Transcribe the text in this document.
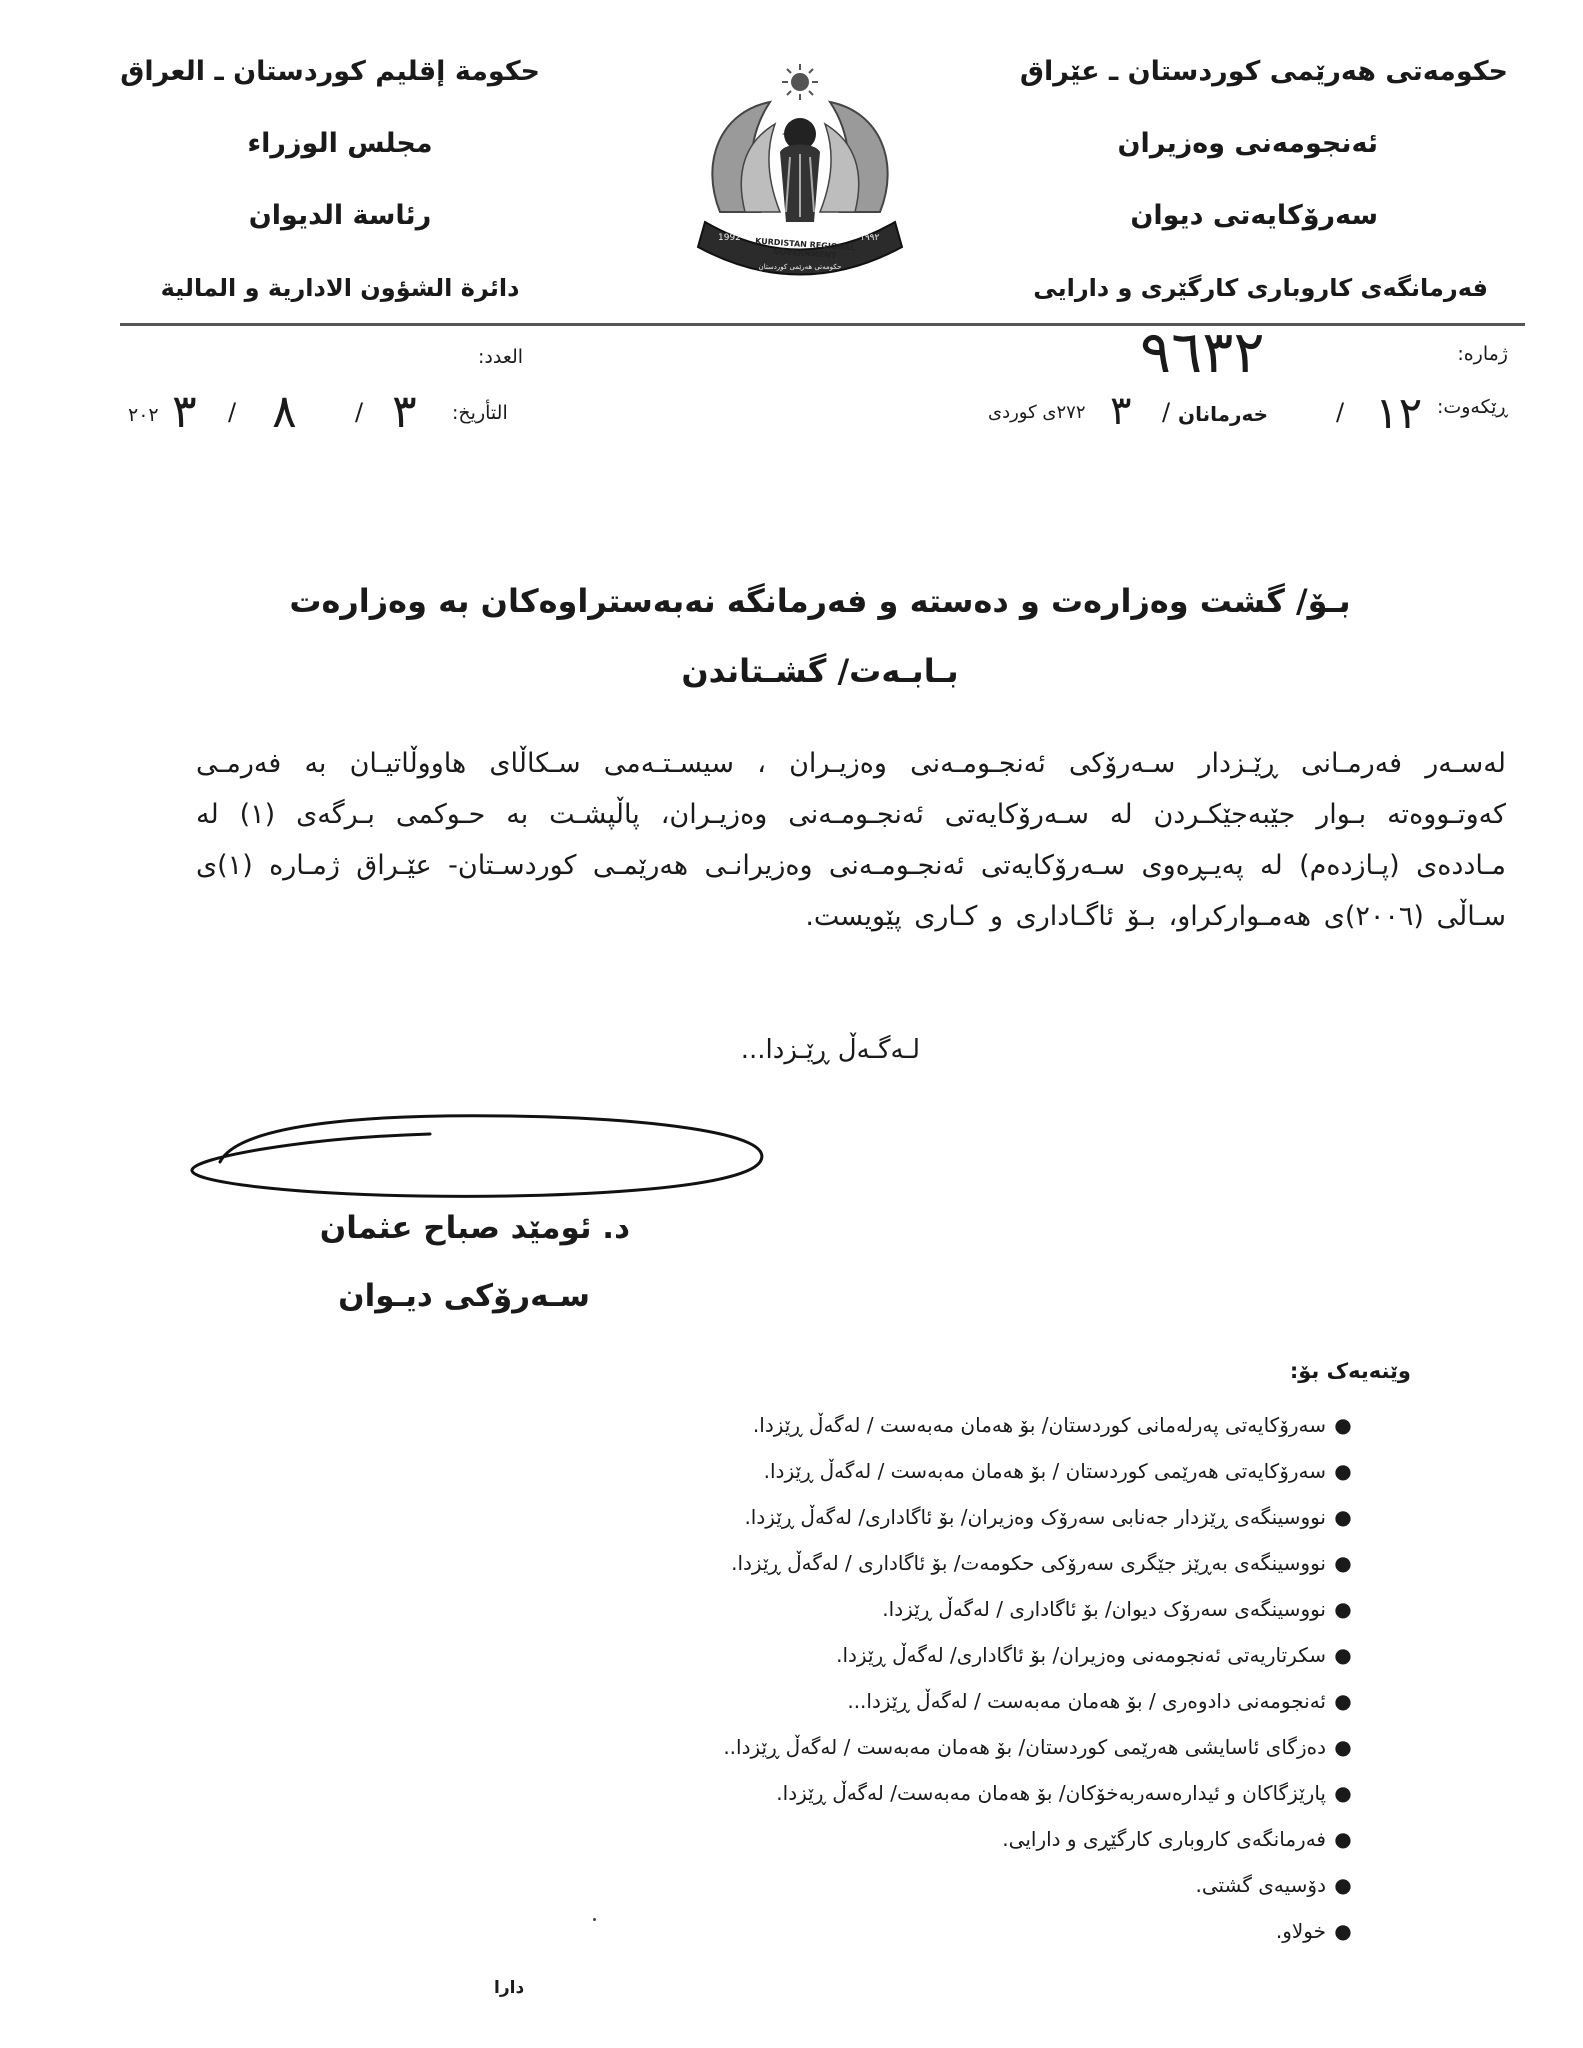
حکومەتی هەرێمی کوردستان ـ عێراق
ئەنجومەنی وەزیران
سەرۆکایەتی دیوان
فەرمانگەی کاروباری کارگێری و دارایی
حكومة إقليم كوردستان ـ العراق
مجلس الوزراء
رئاسة الديوان
دائرة الشؤون الادارية و المالية
حکومەتی هەرێمی کوردستان
1992	١٩٩٢
KURDISTAN REGIONAL GOVERNMENT
ژمارە:
٩٦٣٢
ڕێکەوت:
١٢
/
خەرمانان
/
٣
٢٧٢ی کوردی
العدد:
التأريخ:
٣
/
٨
/
٣
٢٠٢
بـۆ/ گشت وەزارەت و دەستە و فەرمانگە نەبەستراوەکان بە وەزارەت
بـابـەت/ گشـتاندن
لەسـەر فەرمـانی ڕێـزدار سـەرۆکی ئەنجـومـەنی وەزیـران ، سیسـتـەمی سـکاڵای هاووڵاتیـان بە فەرمـی کەوتـووەتە بـوار جێبەجێکـردن لە سـەرۆکایەتی ئەنجـومـەنی وەزیـران، پاڵپشـت بە حـوکمی بـرگەی (١) لە مـاددەی (پـازدەم) لە پەیـڕەوی سـەرۆکایەتی ئەنجـومـەنی وەزیرانـی هەرێمـی کوردسـتان- عێـراق ژمـارە (١)ی سـاڵی (٢٠٠٦)ی هەمـوارکراو، بـۆ ئاگـاداری و کـاری پێویست.
لـەگـەڵ ڕێـزدا...
د. ئومێد صباح عثمان
سـەرۆکی دیـوان
وێنەیەک بۆ:
●سەرۆکایەتی پەرلەمانی کوردستان/ بۆ هەمان مەبەست / لەگەڵ ڕێزدا.
●سەرۆکایەتی هەرێمی کوردستان / بۆ هەمان مەبەست / لەگەڵ ڕێزدا.
●نووسینگەی ڕێزدار جەنابی سەرۆک وەزیران/ بۆ ئاگاداری/ لەگەڵ ڕێزدا.
●نووسینگەی بەڕێز جێگری سەرۆکی حکومەت/ بۆ ئاگاداری / لەگەڵ ڕێزدا.
●نووسینگەی سەرۆک دیوان/ بۆ ئاگاداری / لەگەڵ ڕێزدا.
●سکرتاریەتی ئەنجومەنی وەزیران/ بۆ ئاگاداری/ لەگەڵ ڕێزدا.
●ئەنجومەنی دادوەری / بۆ هەمان مەبەست / لەگەڵ ڕێزدا...
●دەزگای ئاسایشی هەرێمی کوردستان/ بۆ هەمان مەبەست / لەگەڵ ڕێزدا..
●پارێزگاکان و ئیدارەسەربەخۆکان/ بۆ هەمان مەبەست/ لەگەڵ ڕێزدا.
●فەرمانگەی کاروباری کارگێڕی و دارایی.
●دۆسیەی گشتی.
●خولاو.
دارا
